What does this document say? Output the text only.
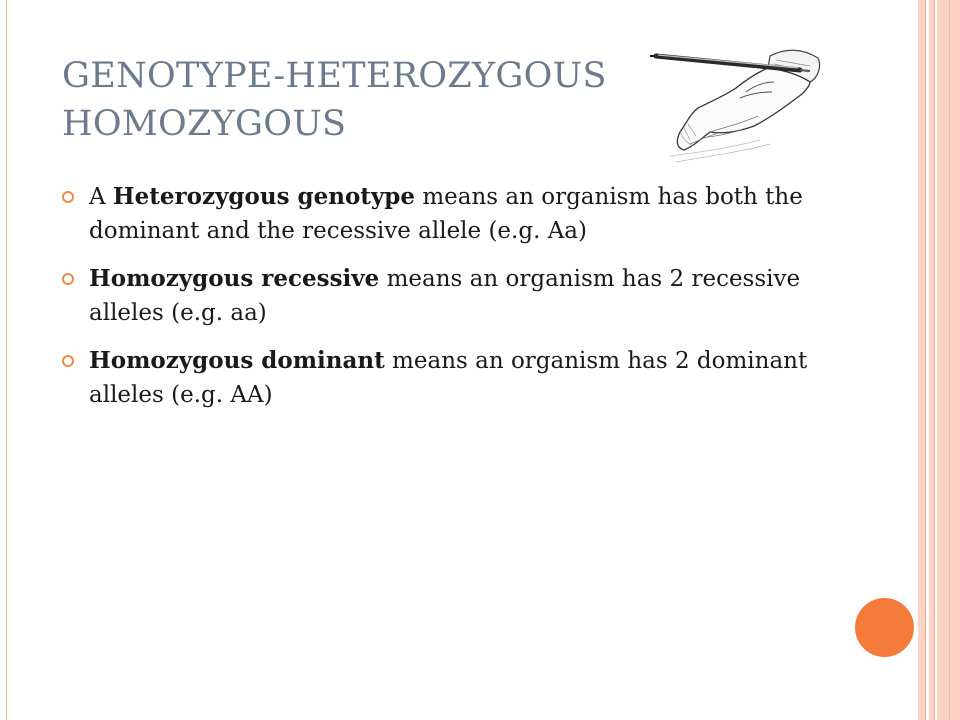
GENOTYPE-HETEROZYGOUS
HOMOZYGOUS
A Heterozygous genotype means an organism has both the dominant and the recessive allele (e.g. Aa)
Homozygous recessive means an organism has 2 recessive alleles (e.g. aa)
Homozygous dominant means an organism has 2 dominant alleles (e.g. AA)
